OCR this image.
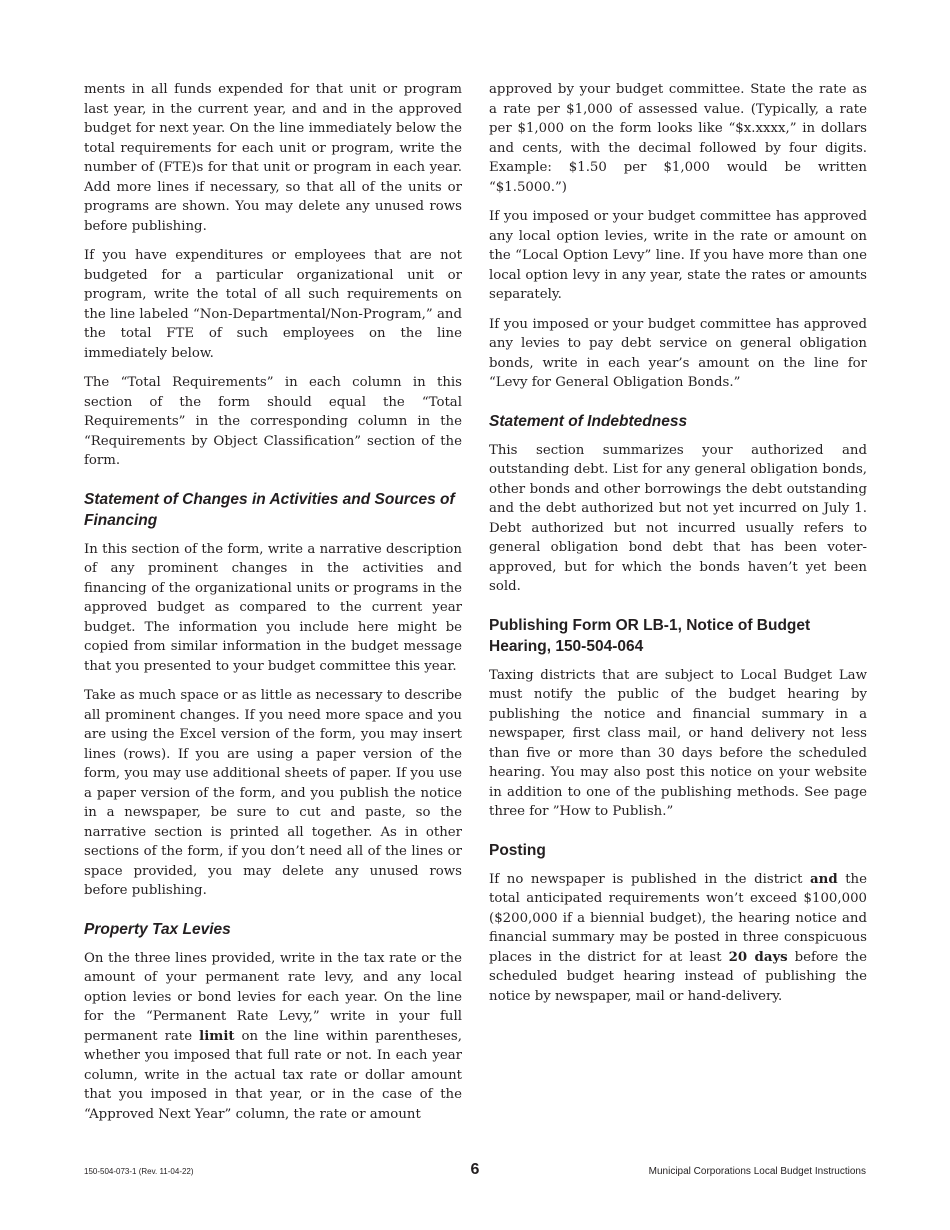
ments in all funds expended for that unit or program last year, in the current year, and and in the approved budget for next year. On the line immediately below the total requirements for each unit or program, write the number of (FTE)s for that unit or program in each year. Add more lines if necessary, so that all of the units or programs are shown. You may delete any unused rows before publishing.

If you have expenditures or employees that are not budgeted for a particular organizational unit or program, write the total of all such requirements on the line labeled “Non-Departmental/Non-Program,” and the total FTE of such employees on the line immediately below.

The “Total Requirements” in each column in this section of the form should equal the “Total Requirements” in the corresponding column in the “Requirements by Object Classification” section of the form.

Statement of Changes in Activities and Sources of Financing

In this section of the form, write a narrative description of any prominent changes in the activities and financing of the organizational units or programs in the approved budget as compared to the current year budget. The information you include here might be copied from similar information in the budget message that you presented to your budget committee this year.

Take as much space or as little as necessary to describe all prominent changes. If you need more space and you are using the Excel version of the form, you may insert lines (rows). If you are using a paper version of the form, you may use additional sheets of paper. If you use a paper version of the form, and you publish the notice in a newspaper, be sure to cut and paste, so the narrative section is printed all together. As in other sections of the form, if you don’t need all of the lines or space provided, you may delete any unused rows before publishing.

Property Tax Levies

On the three lines provided, write in the tax rate or the amount of your permanent rate levy, and any local option levies or bond levies for each year. On the line for the “Permanent Rate Levy,” write in your full permanent rate limit on the line within parentheses, whether you imposed that full rate or not. In each year column, write in the actual tax rate or dollar amount that you imposed in that year, or in the case of the “Approved Next Year” column, the rate or amount

approved by your budget committee. State the rate as a rate per $1,000 of assessed value. (Typically, a rate per $1,000 on the form looks like “$x.xxxx,” in dollars and cents, with the decimal followed by four digits. Example: $1.50 per $1,000 would be written “$1.5000.”)

If you imposed or your budget committee has approved any local option levies, write in the rate or amount on the “Local Option Levy” line. If you have more than one local option levy in any year, state the rates or amounts separately.

If you imposed or your budget committee has approved any levies to pay debt service on general obligation bonds, write in each year’s amount on the line for “Levy for General Obligation Bonds.”

Statement of Indebtedness

This section summarizes your authorized and outstanding debt. List for any general obligation bonds, other bonds and other borrowings the debt outstanding and the debt authorized but not yet incurred on July 1. Debt authorized but not incurred usually refers to general obligation bond debt that has been voter-approved, but for which the bonds haven’t yet been sold.

Publishing Form OR LB-1, Notice of Budget Hearing, 150-504-064

Taxing districts that are subject to Local Budget Law must notify the public of the budget hearing by publishing the notice and financial summary in a newspaper, first class mail, or hand delivery not less than five or more than 30 days before the scheduled hearing. You may also post this notice on your website in addition to one of the publishing methods. See page three for ”How to Publish.”

Posting

If no newspaper is published in the district and the total anticipated requirements won’t exceed $100,000 ($200,000 if a biennial budget), the hearing notice and financial summary may be posted in three conspicuous places in the district for at least 20 days before the scheduled budget hearing instead of publishing the notice by newspaper, mail or hand-delivery.

150-504-073-1 (Rev. 11-04-22)	6	Municipal Corporations Local Budget Instructions
